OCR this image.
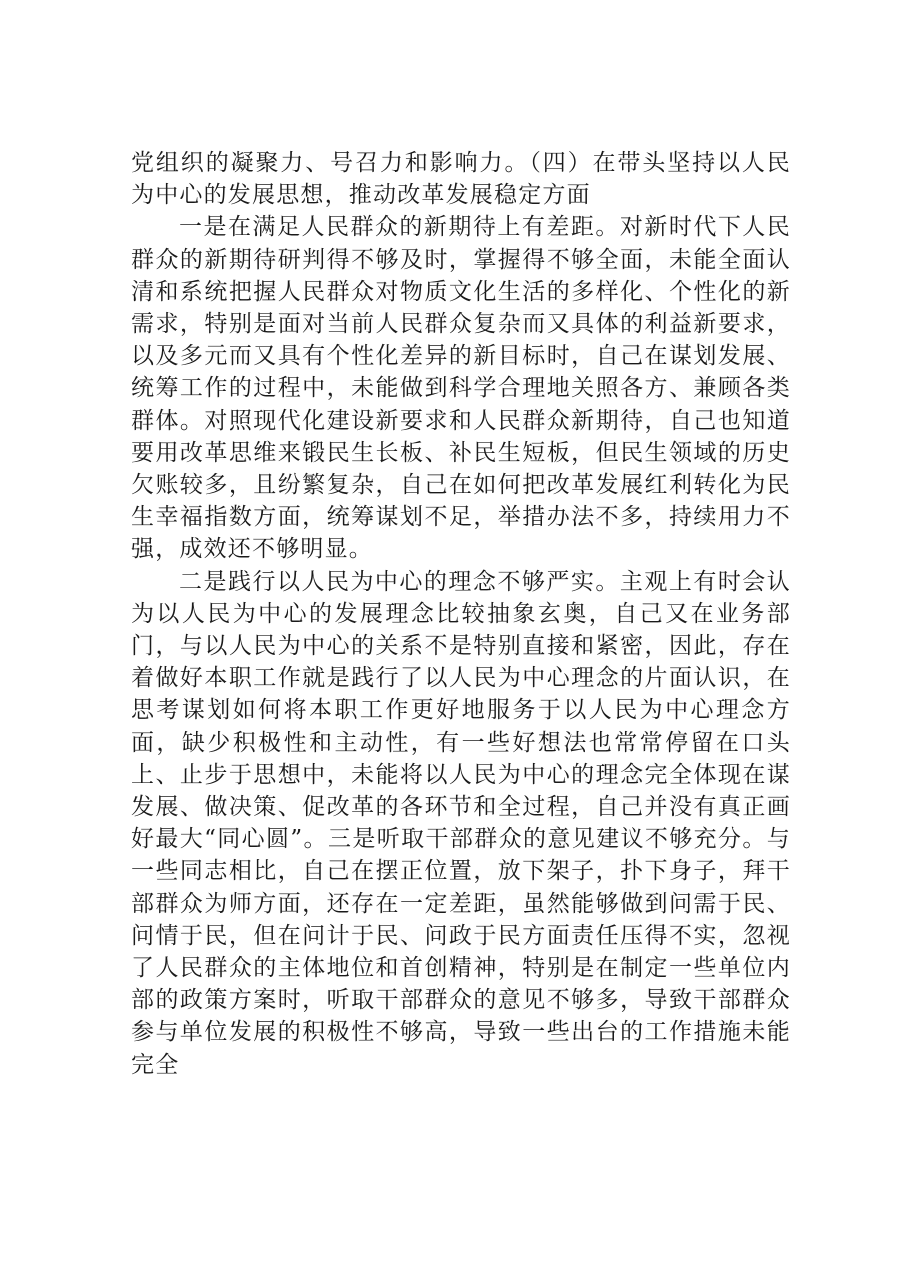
党组织的凝聚力、号召力和影响力。（四）在带头坚持以人民为中心的发展思想，推动改革发展稳定方面

一是在满足人民群众的新期待上有差距。对新时代下人民群众的新期待研判得不够及时，掌握得不够全面，未能全面认清和系统把握人民群众对物质文化生活的多样化、个性化的新需求，特别是面对当前人民群众复杂而又具体的利益新要求，以及多元而又具有个性化差异的新目标时，自己在谋划发展、统筹工作的过程中，未能做到科学合理地关照各方、兼顾各类群体。对照现代化建设新要求和人民群众新期待，自己也知道要用改革思维来锻民生长板、补民生短板，但民生领域的历史欠账较多，且纷繁复杂，自己在如何把改革发展红利转化为民生幸福指数方面，统筹谋划不足，举措办法不多，持续用力不强，成效还不够明显。

二是践行以人民为中心的理念不够严实。主观上有时会认为以人民为中心的发展理念比较抽象玄奥，自己又在业务部门，与以人民为中心的关系不是特别直接和紧密，因此，存在着做好本职工作就是践行了以人民为中心理念的片面认识，在思考谋划如何将本职工作更好地服务于以人民为中心理念方面，缺少积极性和主动性，有一些好想法也常常停留在口头上、止步于思想中，未能将以人民为中心的理念完全体现在谋发展、做决策、促改革的各环节和全过程，自己并没有真正画好最大“同心圆”。三是听取干部群众的意见建议不够充分。与一些同志相比，自己在摆正位置，放下架子，扑下身子，拜干部群众为师方面，还存在一定差距，虽然能够做到问需于民、问情于民，但在问计于民、问政于民方面责任压得不实，忽视了人民群众的主体地位和首创精神，特别是在制定一些单位内部的政策方案时，听取干部群众的意见不够多，导致干部群众参与单位发展的积极性不够高，导致一些出台的工作措施未能完全
